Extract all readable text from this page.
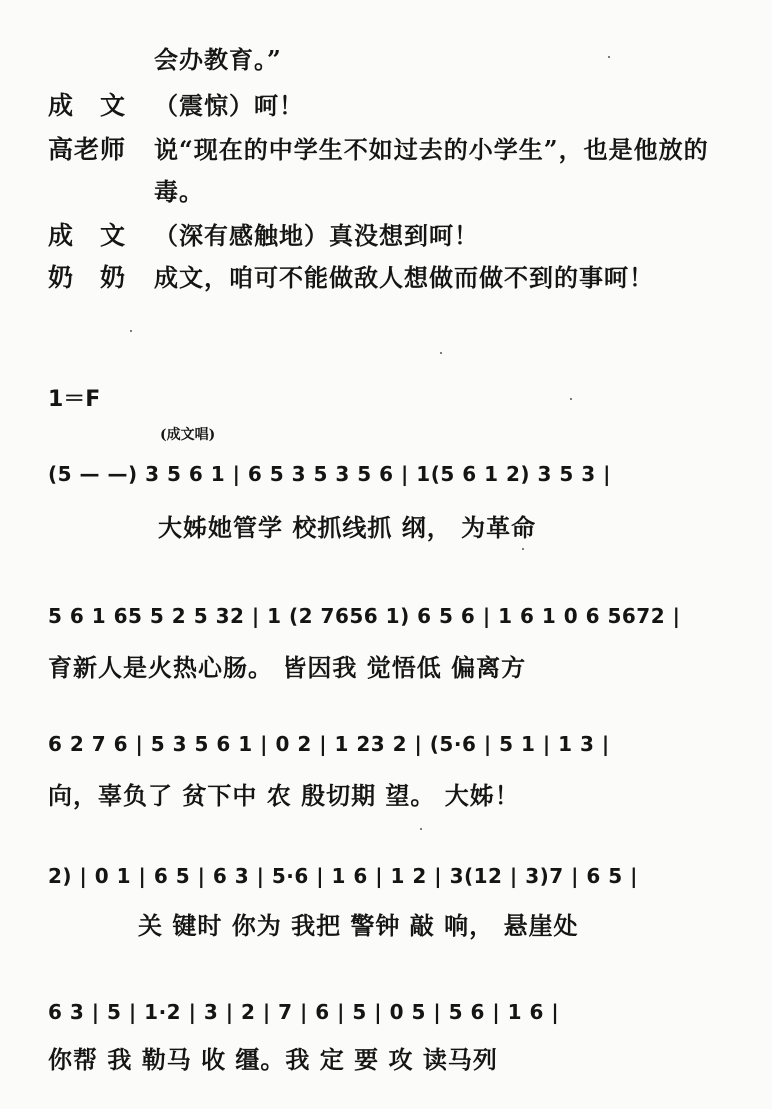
会办教育。”
成 文 （震惊）呵！
高老师 说“现在的中学生不如过去的小学生”，也是他放的
毒。
成 文 （深有感触地）真没想到呵！
奶 奶 成文，咱可不能做敌人想做而做不到的事呵！
1＝F
(成文唱)
(5 — —) 3 5 6 1 | 6 5 3 5 3 5 6 | 1(5 6 1 2) 3 5 3 |
大姊她管学 校抓线抓 纲， 为革命
5 6 1 65 5 2 5 32 | 1 (2 7656 1) 6 5 6 | 1 6 1 0 6 5672 |
育新人是火热心肠。 皆因我 觉悟低 偏离方
6 2 7 6 | 5 3 5 6 1 | 0 2 | 1 23 2 | (5·6 | 5 1 | 1 3 |
向，辜负了 贫下中 农 殷切期 望。 大姊！
2) | 0 1 | 6 5 | 6 3 | 5·6 | 1 6 | 1 2 | 3(12 | 3)7 | 6 5 |
关 键时 你为 我把 警钟 敲 响， 悬崖处
6 3 | 5 | 1·2 | 3 | 2 | 7 | 6 | 5 | 0 5 | 5 6 | 1 6 |
你帮 我 勒马 收 缰。我 定 要 攻 读马列
